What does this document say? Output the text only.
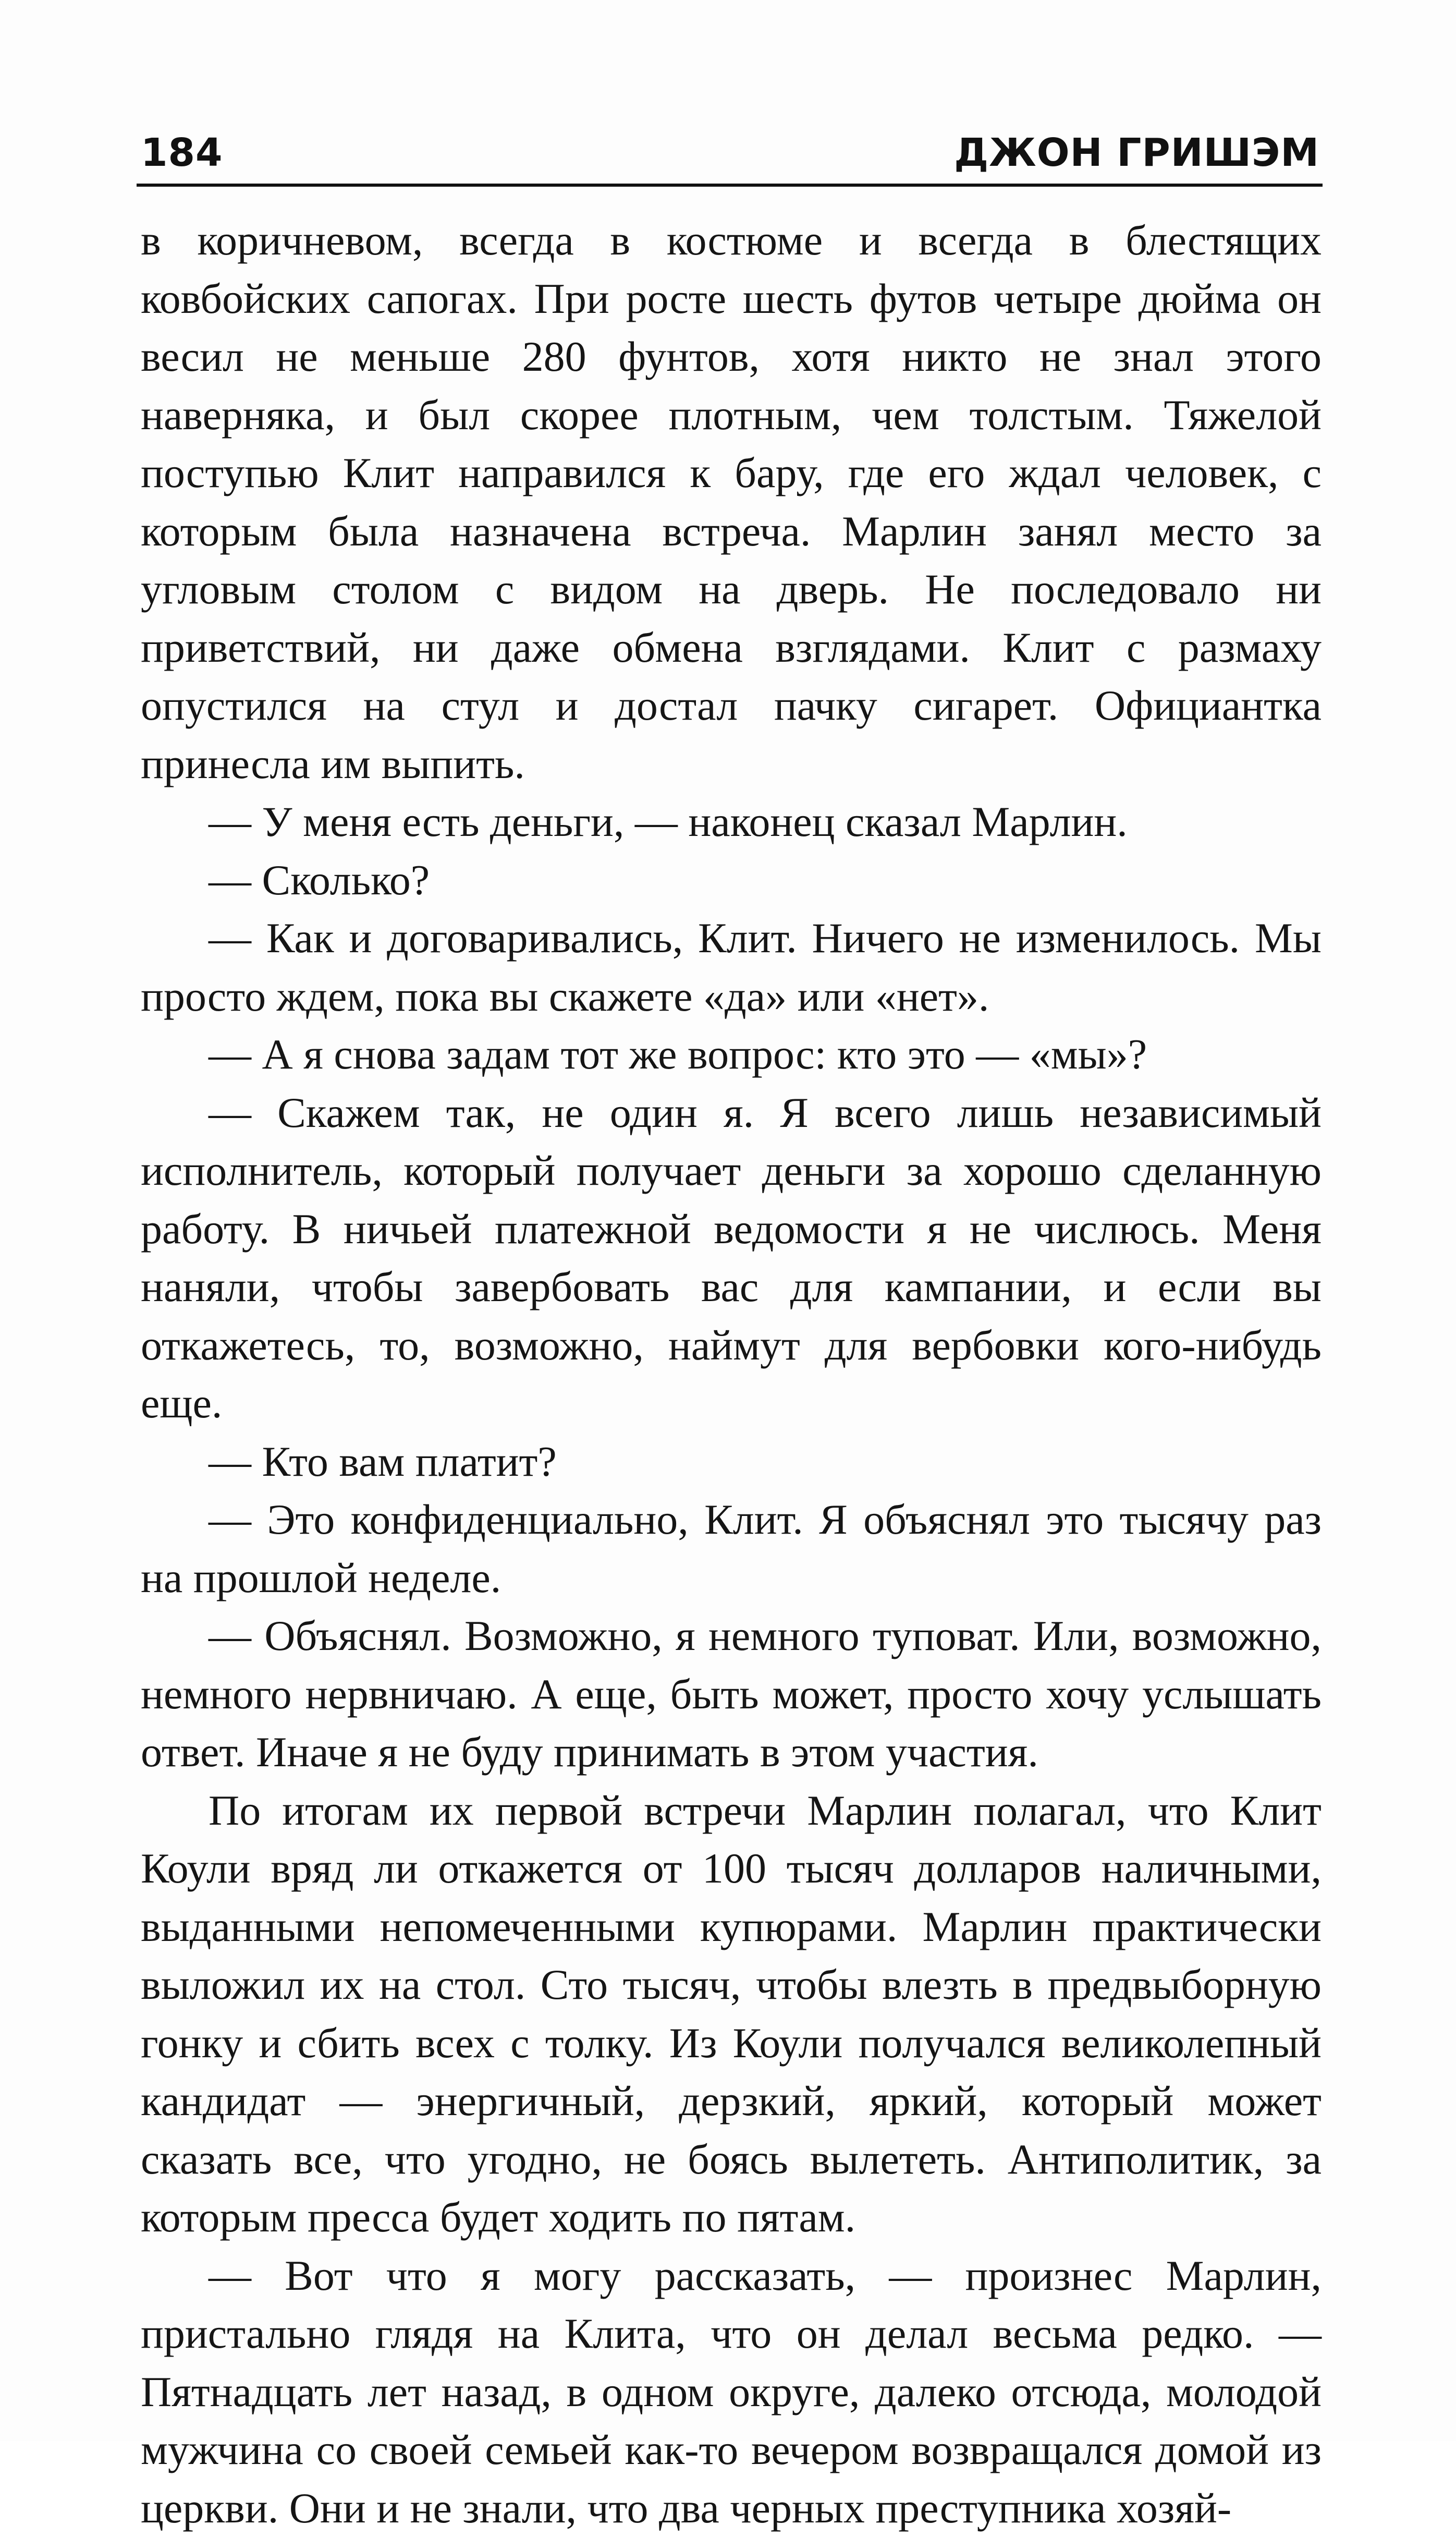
184	ДЖОН ГРИШЭМ

в коричневом, всегда в костюме и всегда в блестящих ковбойских сапогах. При росте шесть футов четыре дюйма он весил не меньше 280 фунтов, хотя никто не знал этого наверняка, и был скорее плотным, чем толстым. Тяжелой поступью Клит направился к бару, где его ждал человек, с которым была назначена встреча. Марлин занял место за угловым столом с видом на дверь. Не последовало ни приветствий, ни даже обмена взглядами. Клит с размаху опустился на стул и достал пачку сигарет. Официантка принесла им выпить.

— У меня есть деньги, — наконец сказал Марлин.

— Сколько?

— Как и договаривались, Клит. Ничего не изменилось. Мы просто ждем, пока вы скажете «да» или «нет».

— А я снова задам тот же вопрос: кто это — «мы»?

— Скажем так, не один я. Я всего лишь независимый исполнитель, который получает деньги за хорошо сделанную работу. В ничьей платежной ведомости я не числюсь. Меня наняли, чтобы завербовать вас для кампании, и если вы откажетесь, то, возможно, наймут для вербовки кого-нибудь еще.

— Кто вам платит?

— Это конфиденциально, Клит. Я объяснял это тысячу раз на прошлой неделе.

— Объяснял. Возможно, я немного туповат. Или, возможно, немного нервничаю. А еще, быть может, просто хочу услышать ответ. Иначе я не буду принимать в этом участия.

По итогам их первой встречи Марлин полагал, что Клит Коули вряд ли откажется от 100 тысяч долларов наличными, выданными непомеченными купюрами. Марлин практически выложил их на стол. Сто тысяч, чтобы влезть в предвыборную гонку и сбить всех с толку. Из Коули получался великолепный кандидат — энергичный, дерзкий, яркий, который может сказать все, что угодно, не боясь вылететь. Антиполитик, за которым пресса будет ходить по пятам.

— Вот что я могу рассказать, — произнес Марлин, пристально глядя на Клита, что он делал весьма редко. — Пятнадцать лет назад, в одном округе, далеко отсюда, молодой мужчина со своей семьей как-то вечером возвращался домой из церкви. Они и не знали, что два черных преступника хозяй-
